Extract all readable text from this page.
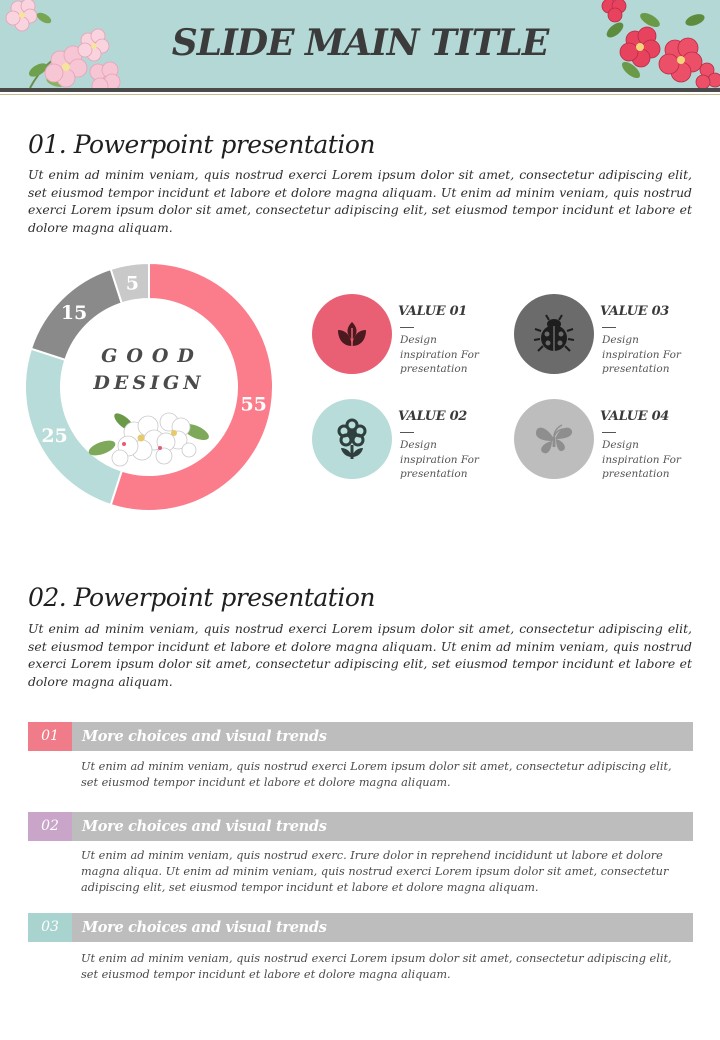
SLIDE MAIN TITLE
01. Powerpoint presentation
Ut enim ad minim veniam, quis nostrud exerci Lorem ipsum dolor sit amet, consectetur adipiscing elit, set eiusmod tempor incidunt et labore et dolore magna aliquam. Ut enim ad minim veniam, quis nostrud exerci Lorem ipsum dolor sit amet, consectetur adipiscing elit, set eiusmod tempor incidunt et labore et dolore magna aliquam.
55
25
15
5
GOOD
DESIGN
VALUE 01
Design inspiration For presentation
VALUE 02
Design inspiration For presentation
VALUE 03
Design inspiration For presentation
VALUE 04
Design inspiration For presentation
02. Powerpoint presentation
Ut enim ad minim veniam, quis nostrud exerci Lorem ipsum dolor sit amet, consectetur adipiscing elit, set eiusmod tempor incidunt et labore et dolore magna aliquam. Ut enim ad minim veniam, quis nostrud exerci Lorem ipsum dolor sit amet, consectetur adipiscing elit, set eiusmod tempor incidunt et labore et dolore magna aliquam.
01	More choices and visual trends
Ut enim ad minim veniam, quis nostrud exerci Lorem ipsum dolor sit amet, consectetur adipiscing elit, set eiusmod tempor incidunt et labore et dolore magna aliquam.
02	More choices and visual trends
Ut enim ad minim veniam, quis nostrud exerc. Irure dolor in reprehend incididunt ut labore et dolore magna aliqua. Ut enim ad minim veniam, quis nostrud exerci Lorem ipsum dolor sit amet, consectetur adipiscing elit, set eiusmod tempor incidunt et labore et dolore magna aliquam.
03	More choices and visual trends
Ut enim ad minim veniam, quis nostrud exerci Lorem ipsum dolor sit amet, consectetur adipiscing elit, set eiusmod tempor incidunt et labore et dolore magna aliquam.
